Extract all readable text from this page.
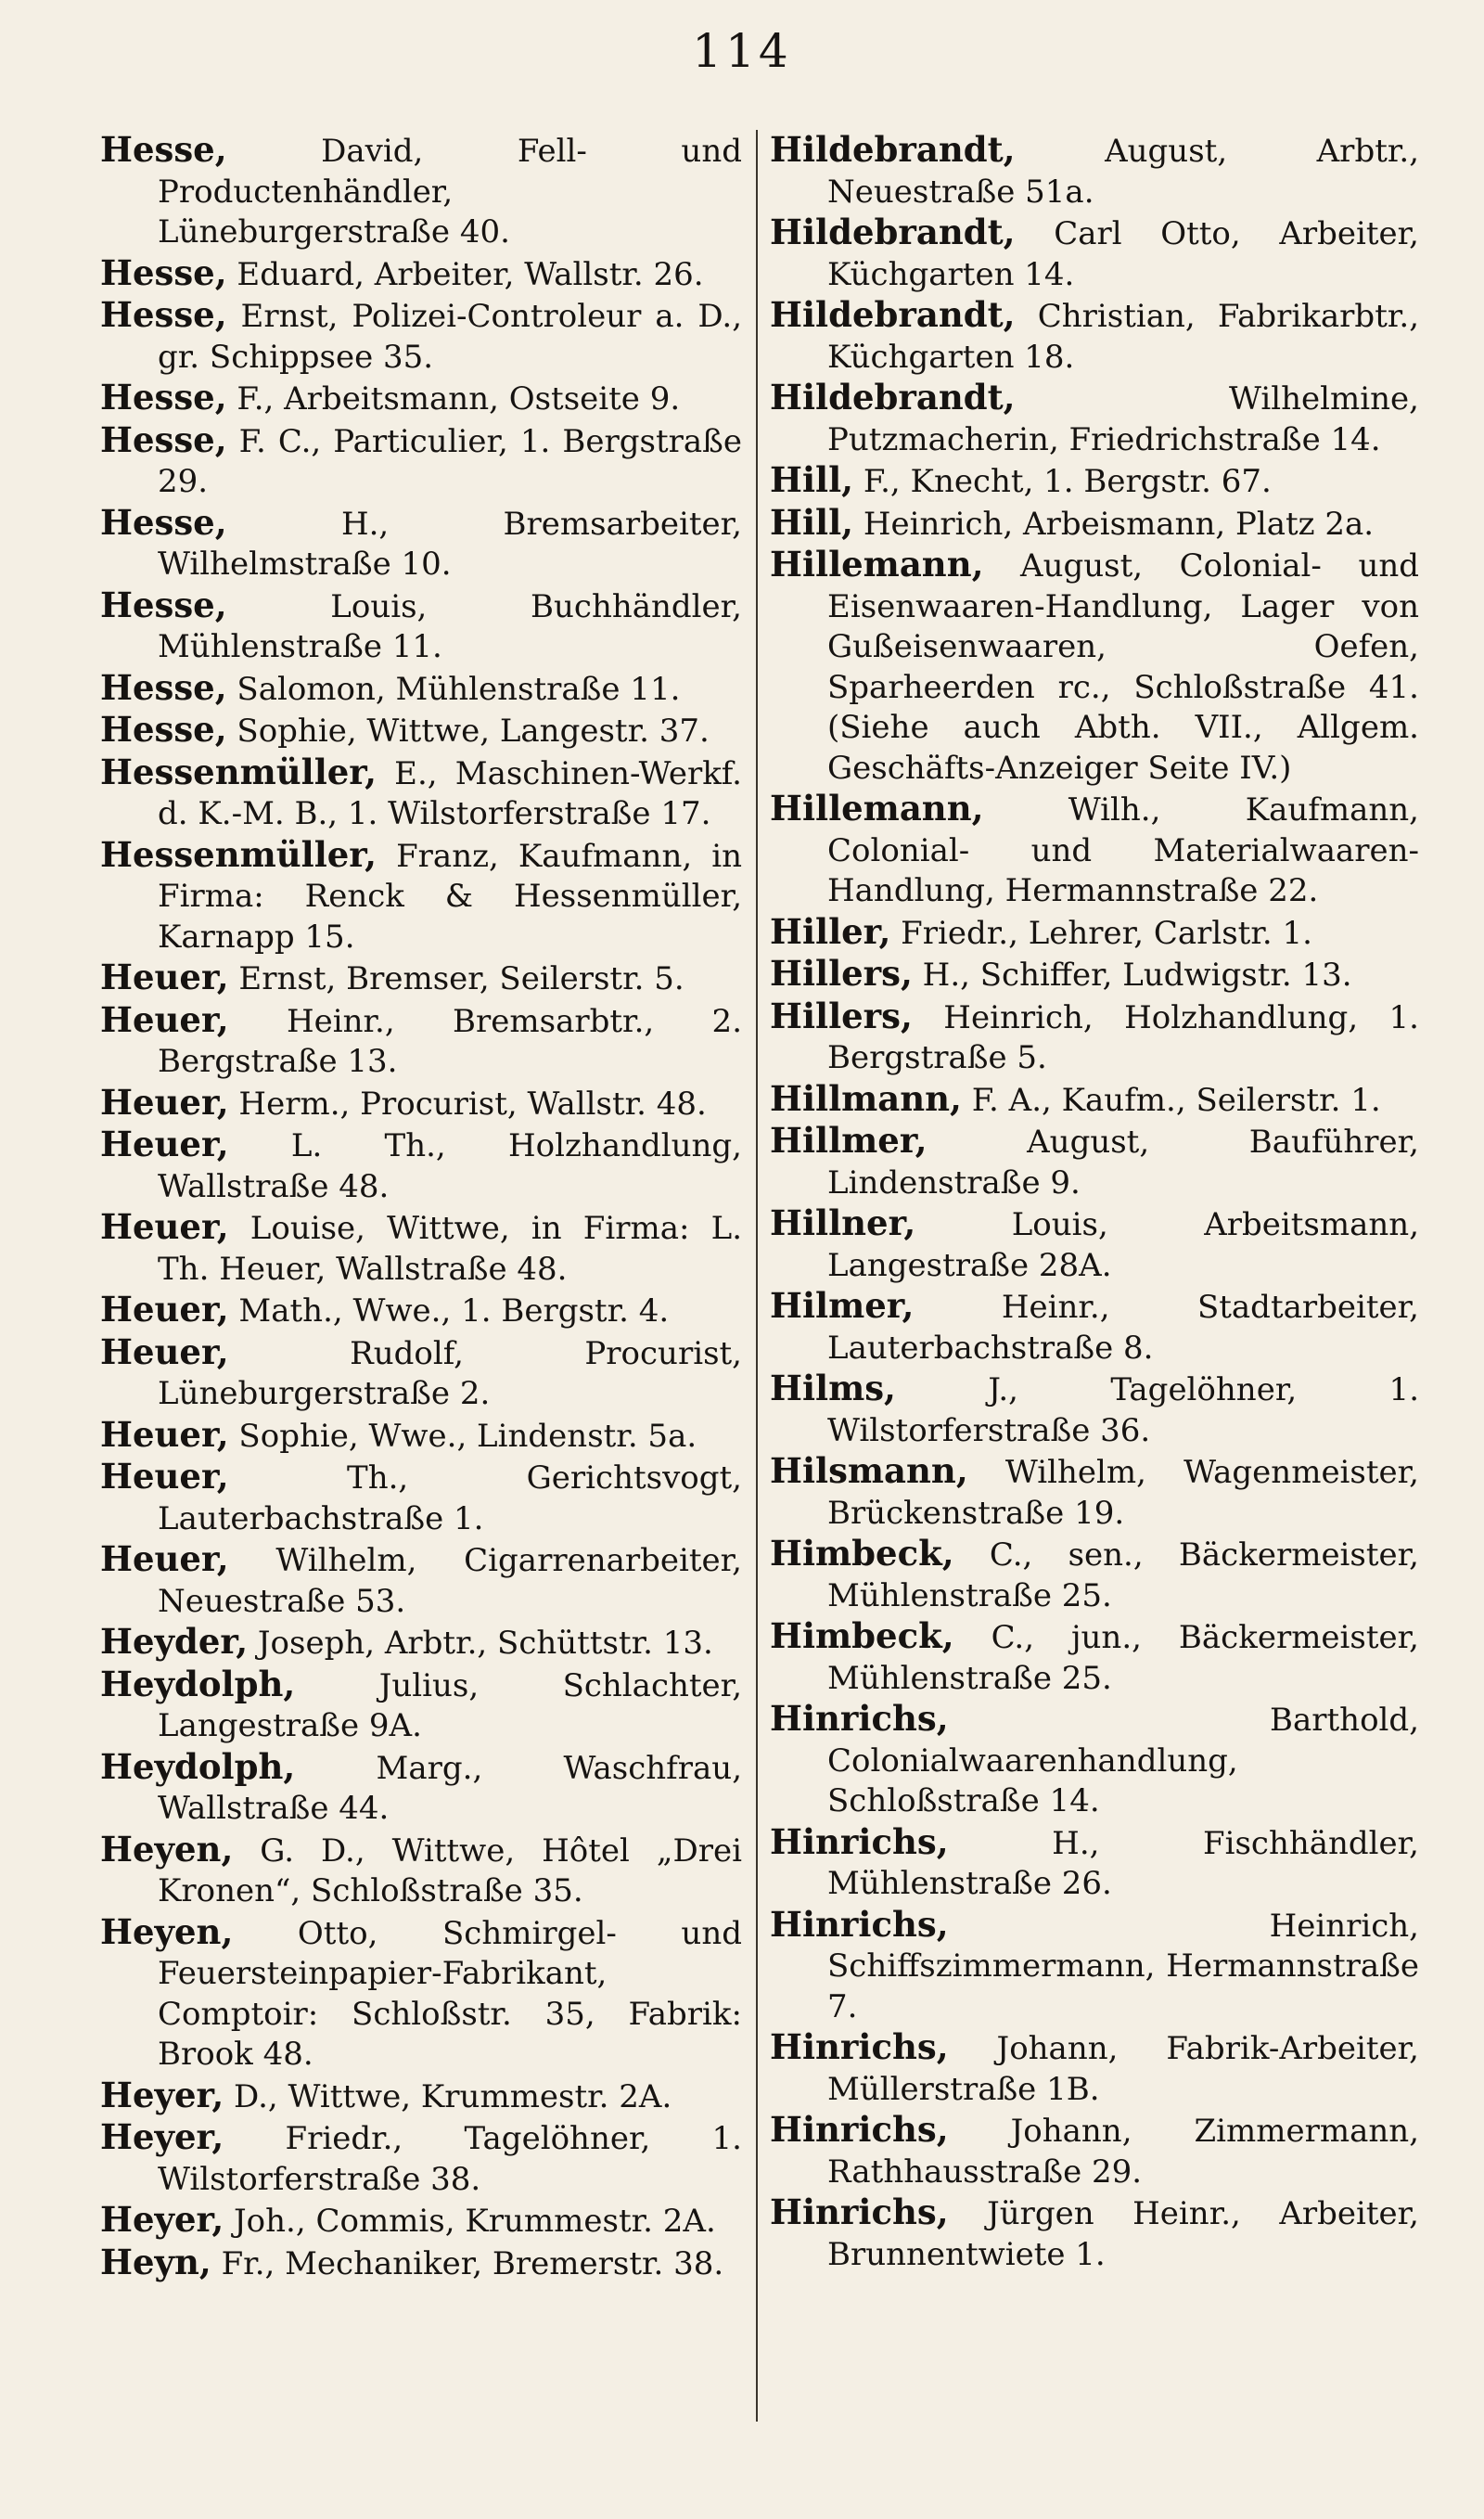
114
Hesse, David, Fell- und Productenhändler, Lüneburgerstraße 40.
Hesse, Eduard, Arbeiter, Wallstr. 26.
Hesse, Ernst, Polizei-Controleur a. D., gr. Schippsee 35.
Hesse, F., Arbeitsmann, Ostseite 9.
Hesse, F. C., Particulier, 1. Bergstraße 29.
Hesse, H., Bremsarbeiter, Wilhelmstraße 10.
Hesse, Louis, Buchhändler, Mühlenstraße 11.
Hesse, Salomon, Mühlenstraße 11.
Hesse, Sophie, Wittwe, Langestr. 37.
Hessenmüller, E., Maschinen-Werkf. d. K.-M. B., 1. Wilstorferstraße 17.
Hessenmüller, Franz, Kaufmann, in Firma: Renck & Hessenmüller, Karnapp 15.
Heuer, Ernst, Bremser, Seilerstr. 5.
Heuer, Heinr., Bremsarbtr., 2. Bergstraße 13.
Heuer, Herm., Procurist, Wallstr. 48.
Heuer, L. Th., Holzhandlung, Wallstraße 48.
Heuer, Louise, Wittwe, in Firma: L. Th. Heuer, Wallstraße 48.
Heuer, Math., Wwe., 1. Bergstr. 4.
Heuer, Rudolf, Procurist, Lüneburgerstraße 2.
Heuer, Sophie, Wwe., Lindenstr. 5a.
Heuer, Th., Gerichtsvogt, Lauterbachstraße 1.
Heuer, Wilhelm, Cigarrenarbeiter, Neuestraße 53.
Heyder, Joseph, Arbtr., Schüttstr. 13.
Heydolph, Julius, Schlachter, Langestraße 9A.
Heydolph, Marg., Waschfrau, Wallstraße 44.
Heyen, G. D., Wittwe, Hôtel „Drei Kronen“, Schloßstraße 35.
Heyen, Otto, Schmirgel- und Feuersteinpapier-Fabrikant, Comptoir: Schloßstr. 35, Fabrik: Brook 48.
Heyer, D., Wittwe, Krummestr. 2A.
Heyer, Friedr., Tagelöhner, 1. Wilstorferstraße 38.
Heyer, Joh., Commis, Krummestr. 2A.
Heyn, Fr., Mechaniker, Bremerstr. 38.
Hildebrandt, August, Arbtr., Neuestraße 51a.
Hildebrandt, Carl Otto, Arbeiter, Küchgarten 14.
Hildebrandt, Christian, Fabrikarbtr., Küchgarten 18.
Hildebrandt, Wilhelmine, Putzmacherin, Friedrichstraße 14.
Hill, F., Knecht, 1. Bergstr. 67.
Hill, Heinrich, Arbeismann, Platz 2a.
Hillemann, August, Colonial- und Eisenwaaren-Handlung, Lager von Gußeisenwaaren, Oefen, Sparheerden rc., Schloßstraße 41. (Siehe auch Abth. VII., Allgem. Geschäfts-Anzeiger Seite IV.)
Hillemann, Wilh., Kaufmann, Colonial- und Materialwaaren-Handlung, Hermannstraße 22.
Hiller, Friedr., Lehrer, Carlstr. 1.
Hillers, H., Schiffer, Ludwigstr. 13.
Hillers, Heinrich, Holzhandlung, 1. Bergstraße 5.
Hillmann, F. A., Kaufm., Seilerstr. 1.
Hillmer, August, Bauführer, Lindenstraße 9.
Hillner, Louis, Arbeitsmann, Langestraße 28A.
Hilmer, Heinr., Stadtarbeiter, Lauterbachstraße 8.
Hilms, J., Tagelöhner, 1. Wilstorferstraße 36.
Hilsmann, Wilhelm, Wagenmeister, Brückenstraße 19.
Himbeck, C., sen., Bäckermeister, Mühlenstraße 25.
Himbeck, C., jun., Bäckermeister, Mühlenstraße 25.
Hinrichs, Barthold, Colonialwaarenhandlung, Schloßstraße 14.
Hinrichs, H., Fischhändler, Mühlenstraße 26.
Hinrichs, Heinrich, Schiffszimmermann, Hermannstraße 7.
Hinrichs, Johann, Fabrik-Arbeiter, Müllerstraße 1B.
Hinrichs, Johann, Zimmermann, Rathhausstraße 29.
Hinrichs, Jürgen Heinr., Arbeiter, Brunnentwiete 1.
